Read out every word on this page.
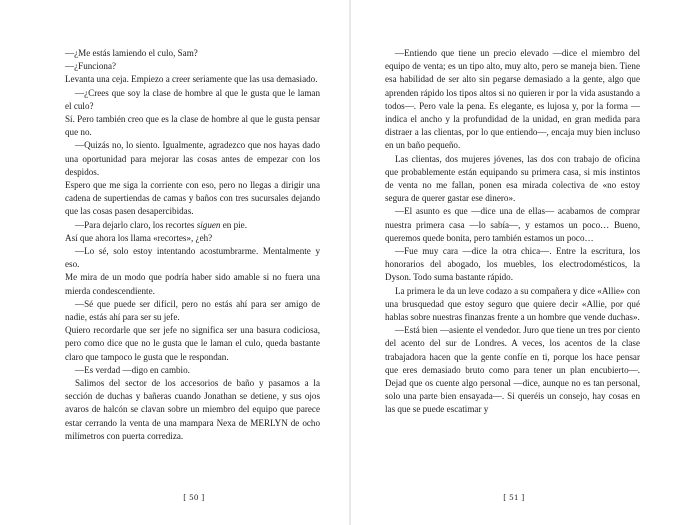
—¿Me estás lamiendo el culo, Sam?

—¿Funciona?

Levanta una ceja. Empiezo a creer seriamente que las usa demasiado.

—¿Crees que soy la clase de hombre al que le gusta que le laman el culo?

Sí. Pero también creo que es la clase de hombre al que le gusta pensar que no.

—Quizás no, lo siento. Igualmente, agradezco que nos hayas dado una oportunidad para mejorar las cosas antes de empezar con los despidos.

Espero que me siga la corriente con eso, pero no llegas a dirigir una cadena de supertiendas de camas y baños con tres sucursales dejando que las cosas pasen desapercibidas.

—Para dejarlo claro, los recortes siguen en pie.

Así que ahora los llama «recortes», ¿eh?

—Lo sé, solo estoy intentando acostumbrarme. Mentalmente y eso.

Me mira de un modo que podría haber sido amable si no fuera una mierda condescendiente.

—Sé que puede ser difícil, pero no estás ahí para ser amigo de nadie, estás ahí para ser su jefe.

Quiero recordarle que ser jefe no significa ser una basura codiciosa, pero como dice que no le gusta que le laman el culo, queda bastante claro que tampoco le gusta que le respondan.

—Es verdad —digo en cambio.

Salimos del sector de los accesorios de baño y pasamos a la sección de duchas y bañeras cuando Jonathan se detiene, y sus ojos avaros de halcón se clavan sobre un miembro del equipo que parece estar cerrando la venta de una mampara Nexa de MERLYN de ocho milímetros con puerta corrediza.

[ 50 ]

—Entiendo que tiene un precio elevado —dice el miembro del equipo de venta; es un tipo alto, muy alto, pero se maneja bien. Tiene esa habilidad de ser alto sin pegarse demasiado a la gente, algo que aprenden rápido los tipos altos si no quieren ir por la vida asustando a todos—. Pero vale la pena. Es elegante, es lujosa y, por la forma —indica el ancho y la profundidad de la unidad, en gran medida para distraer a las clientas, por lo que entiendo—, encaja muy bien incluso en un baño pequeño.

Las clientas, dos mujeres jóvenes, las dos con trabajo de oficina que probablemente están equipando su primera casa, si mis instintos de venta no me fallan, ponen esa mirada colectiva de «no estoy segura de querer gastar ese dinero».

—El asunto es que —dice una de ellas— acabamos de comprar nuestra primera casa —lo sabía—, y estamos un poco… Bueno, queremos quede bonita, pero también estamos un poco…

—Fue muy cara —dice la otra chica—. Entre la escritura, los honorarios del abogado, los muebles, los electrodomésticos, la Dyson. Todo suma bastante rápido.

La primera le da un leve codazo a su compañera y dice «Allie» con una brusquedad que estoy seguro que quiere decir «Allie, por qué hablas sobre nuestras finanzas frente a un hombre que vende duchas».

—Está bien —asiente el vendedor. Juro que tiene un tres por ciento del acento del sur de Londres. A veces, los acentos de la clase trabajadora hacen que la gente confíe en ti, porque los hace pensar que eres demasiado bruto como para tener un plan encubierto—. Dejad que os cuente algo personal —dice, aunque no es tan personal, solo una parte bien ensayada—. Si queréis un consejo, hay cosas en las que se puede escatimar y

[ 51 ]
